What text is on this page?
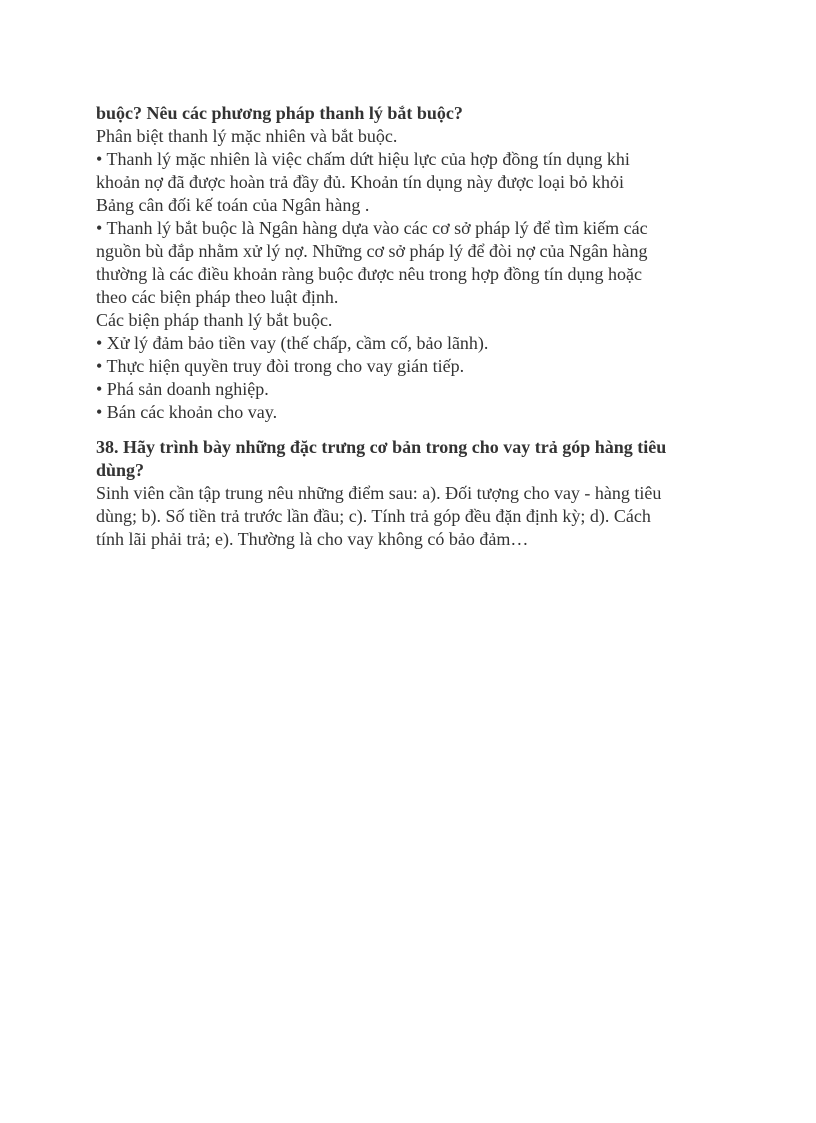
buộc? Nêu các phương pháp thanh lý bắt buộc?
Phân biệt thanh lý mặc nhiên và bắt buộc.
• Thanh lý mặc nhiên là việc chấm dứt hiệu lực của hợp đồng tín dụng khi
khoản nợ đã được hoàn trả đầy đủ. Khoản tín dụng này được loại bỏ khỏi
Bảng cân đối kế toán của Ngân hàng .
• Thanh lý bắt buộc là Ngân hàng dựa vào các cơ sở pháp lý để tìm kiếm các
nguồn bù đắp nhằm xử lý nợ. Những cơ sở pháp lý để đòi nợ của Ngân hàng
thường là các điều khoản ràng buộc được nêu trong hợp đồng tín dụng hoặc
theo các biện pháp theo luật định.
Các biện pháp thanh lý bắt buộc.
• Xử lý đảm bảo tiền vay (thế chấp, cầm cố, bảo lãnh).
• Thực hiện quyền truy đòi trong cho vay gián tiếp.
• Phá sản doanh nghiệp.
• Bán các khoản cho vay.
38. Hãy trình bày những đặc trưng cơ bản trong cho vay trả góp hàng tiêu
dùng?
Sinh viên cần tập trung nêu những điểm sau: a). Đối tượng cho vay - hàng tiêu
dùng; b). Số tiền trả trước lần đầu; c). Tính trả góp đều đặn định kỳ; d). Cách
tính lãi phải trả; e). Thường là cho vay không có bảo đảm…
